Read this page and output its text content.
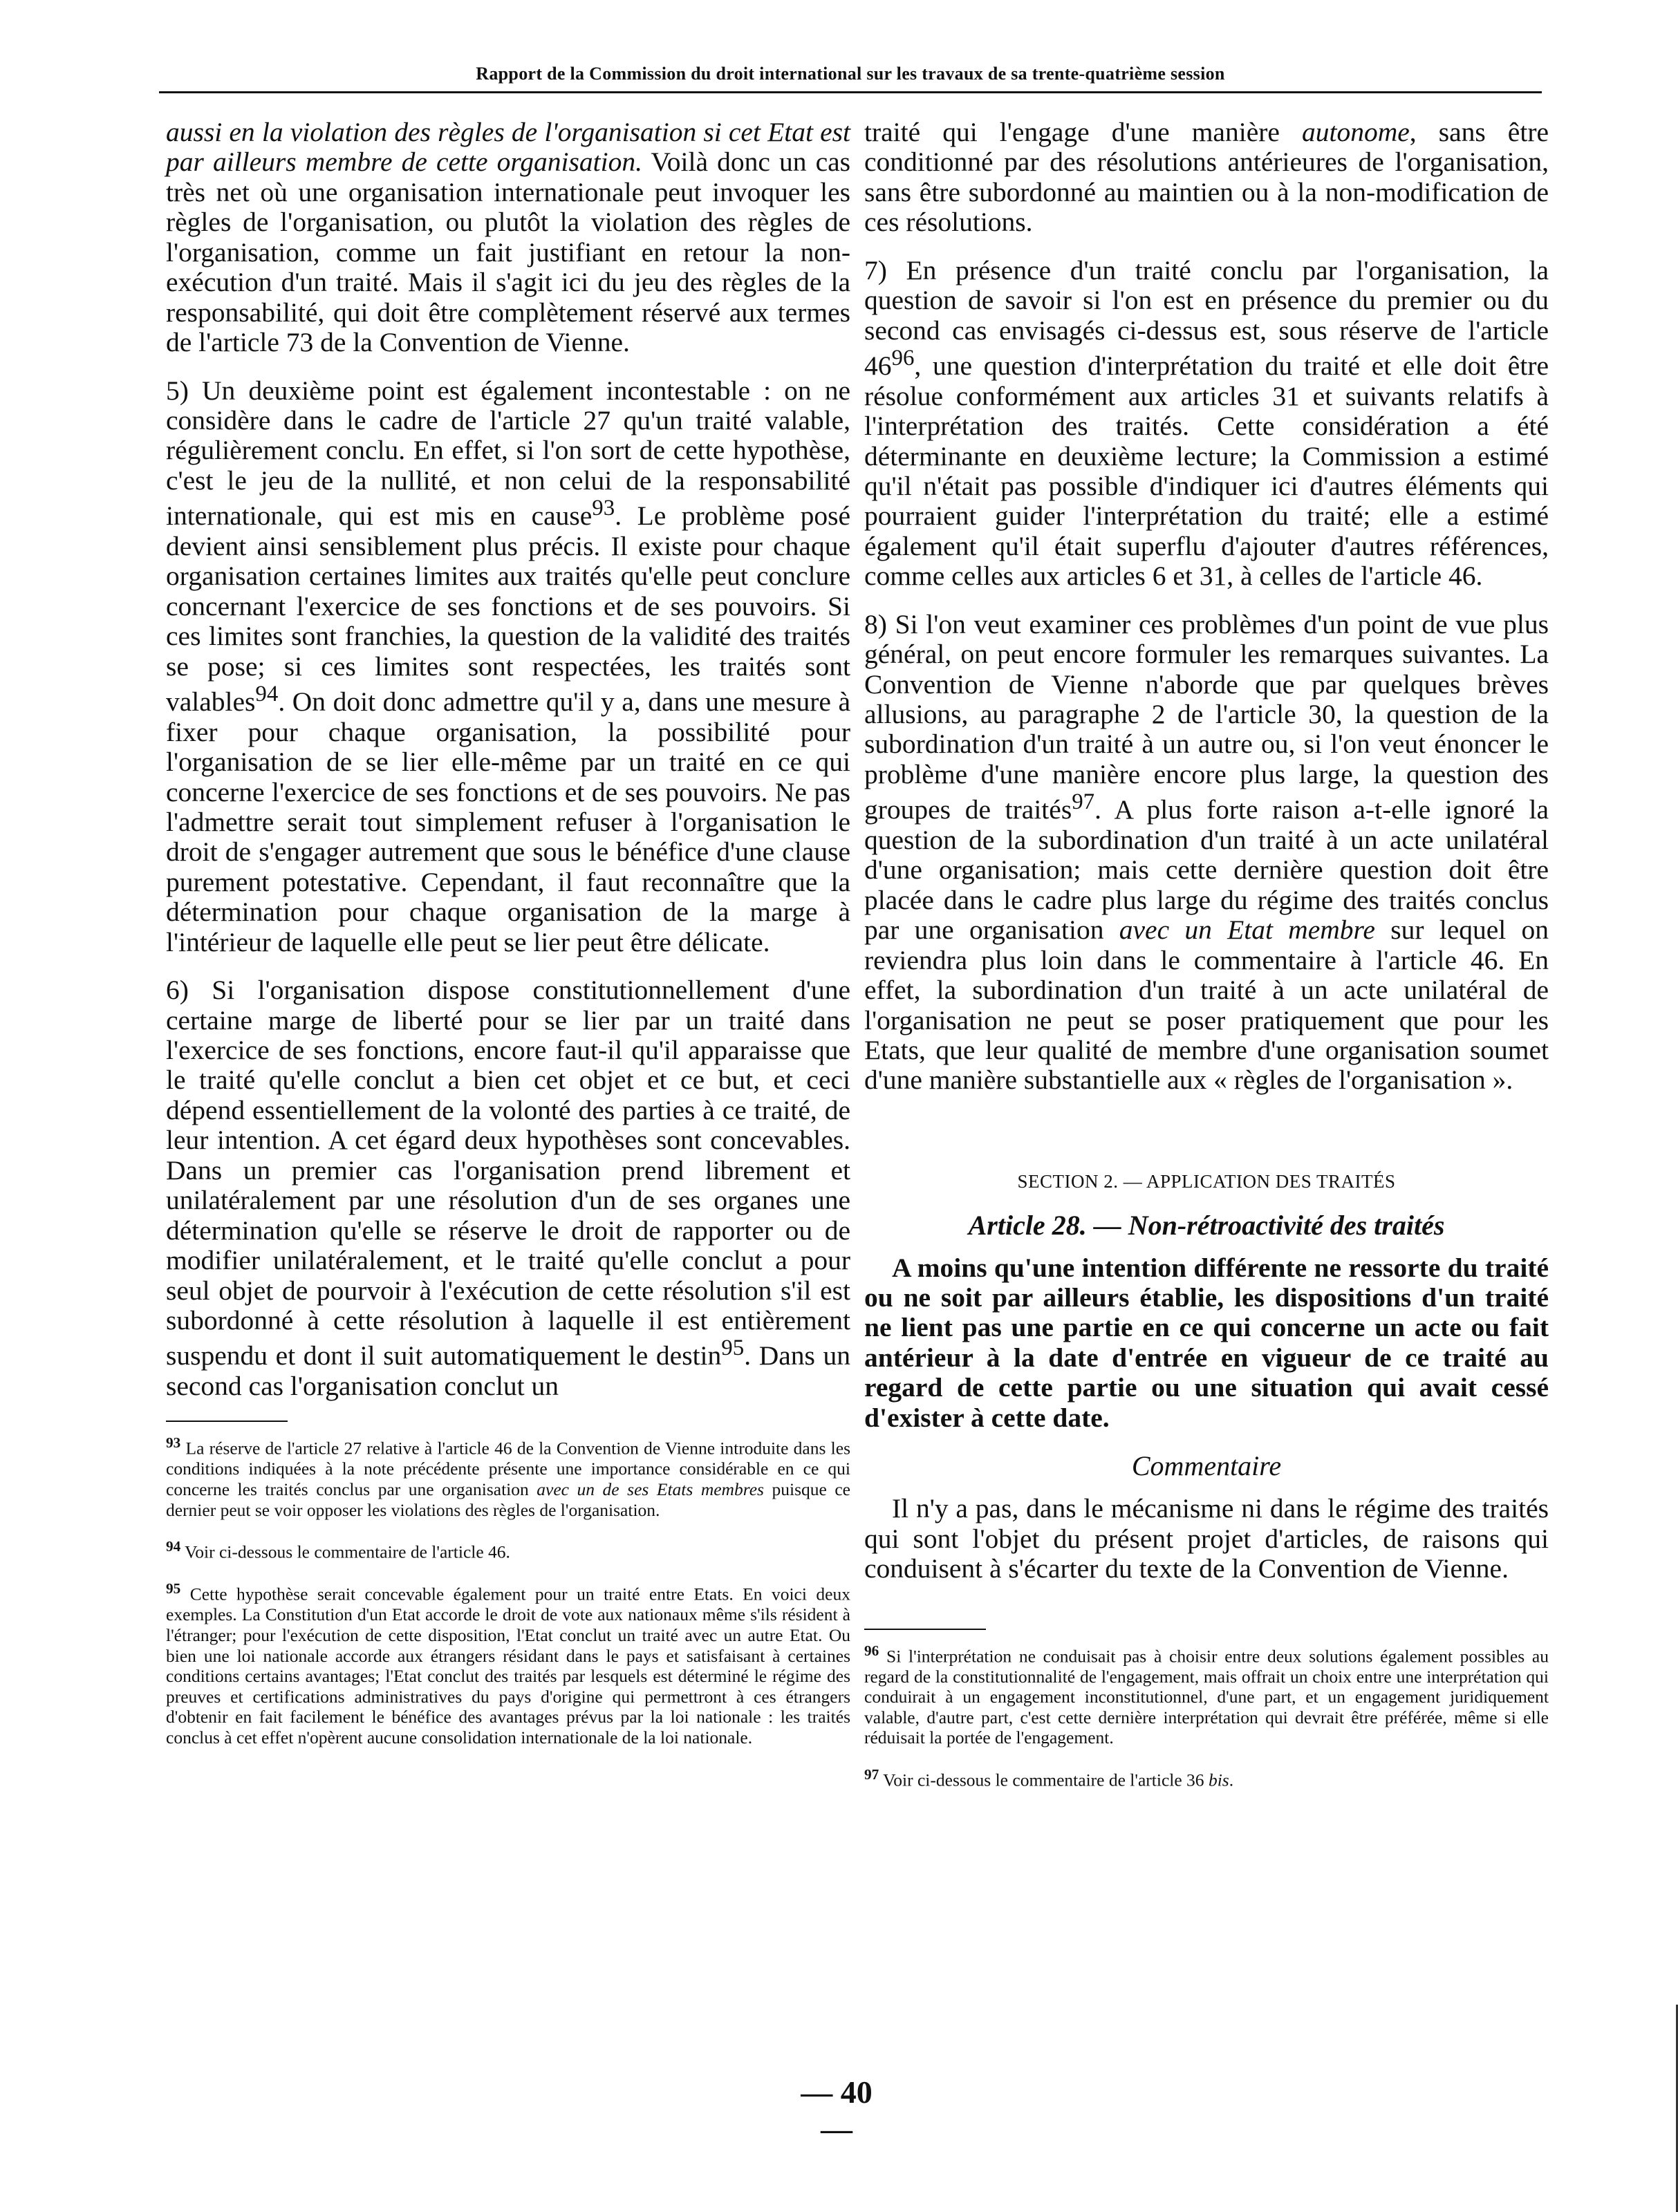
Rapport de la Commission du droit international sur les travaux de sa trente-quatrième session

aussi en la violation des règles de l'organisation si cet Etat est par ailleurs membre de cette organisation. Voilà donc un cas très net où une organisation internationale peut invoquer les règles de l'organisation, ou plutôt la violation des règles de l'organisation, comme un fait justifiant en retour la non-exécution d'un traité. Mais il s'agit ici du jeu des règles de la responsabilité, qui doit être complètement réservé aux termes de l'article 73 de la Convention de Vienne.

5) Un deuxième point est également incontestable : on ne considère dans le cadre de l'article 27 qu'un traité valable, régulièrement conclu. En effet, si l'on sort de cette hypothèse, c'est le jeu de la nullité, et non celui de la responsabilité internationale, qui est mis en cause$^{93}$. Le problème posé devient ainsi sensiblement plus précis. Il existe pour chaque organisation certaines limites aux traités qu'elle peut conclure concernant l'exercice de ses fonctions et de ses pouvoirs. Si ces limites sont franchies, la question de la validité des traités se pose; si ces limites sont respectées, les traités sont valables$^{94}$. On doit donc admettre qu'il y a, dans une mesure à fixer pour chaque organisation, la possibilité pour l'organisation de se lier elle-même par un traité en ce qui concerne l'exercice de ses fonctions et de ses pouvoirs. Ne pas l'admettre serait tout simplement refuser à l'organisation le droit de s'engager autrement que sous le bénéfice d'une clause purement potestative. Cependant, il faut reconnaître que la détermination pour chaque organisation de la marge à l'intérieur de laquelle elle peut se lier peut être délicate.

6) Si l'organisation dispose constitutionnellement d'une certaine marge de liberté pour se lier par un traité dans l'exercice de ses fonctions, encore faut-il qu'il apparaisse que le traité qu'elle conclut a bien cet objet et ce but, et ceci dépend essentiellement de la volonté des parties à ce traité, de leur intention. A cet égard deux hypothèses sont concevables. Dans un premier cas l'organisation prend librement et unilatéralement par une résolution d'un de ses organes une détermination qu'elle se réserve le droit de rapporter ou de modifier unilatéralement, et le traité qu'elle conclut a pour seul objet de pourvoir à l'exécution de cette résolution s'il est subordonné à cette résolution à laquelle il est entièrement suspendu et dont il suit automatiquement le destin$^{95}$. Dans un second cas l'organisation conclut un

$^{93}$ La réserve de l'article 27 relative à l'article 46 de la Convention de Vienne introduite dans les conditions indiquées à la note précédente présente une importance considérable en ce qui concerne les traités conclus par une organisation avec un de ses Etats membres puisque ce dernier peut se voir opposer les violations des règles de l'organisation.

$^{94}$ Voir ci-dessous le commentaire de l'article 46.

$^{95}$ Cette hypothèse serait concevable également pour un traité entre Etats. En voici deux exemples. La Constitution d'un Etat accorde le droit de vote aux nationaux même s'ils résident à l'étranger; pour l'exécution de cette disposition, l'Etat conclut un traité avec un autre Etat. Ou bien une loi nationale accorde aux étrangers résidant dans le pays et satisfaisant à certaines conditions certains avantages; l'Etat conclut des traités par lesquels est déterminé le régime des preuves et certifications administratives du pays d'origine qui permettront à ces étrangers d'obtenir en fait facilement le bénéfice des avantages prévus par la loi nationale : les traités conclus à cet effet n'opèrent aucune consolidation internationale de la loi nationale.

traité qui l'engage d'une manière autonome, sans être conditionné par des résolutions antérieures de l'organisation, sans être subordonné au maintien ou à la non-modification de ces résolutions.

7) En présence d'un traité conclu par l'organisation, la question de savoir si l'on est en présence du premier ou du second cas envisagés ci-dessus est, sous réserve de l'article $46^{96}$, une question d'interprétation du traité et elle doit être résolue conformément aux articles 31 et suivants relatifs à l'interprétation des traités. Cette considération a été déterminante en deuxième lecture; la Commission a estimé qu'il n'était pas possible d'indiquer ici d'autres éléments qui pourraient guider l'interprétation du traité; elle a estimé également qu'il était superflu d'ajouter d'autres références, comme celles aux articles 6 et 31, à celles de l'article 46.

8) Si l'on veut examiner ces problèmes d'un point de vue plus général, on peut encore formuler les remarques suivantes. La Convention de Vienne n'aborde que par quelques brèves allusions, au paragraphe 2 de l'article 30, la question de la subordination d'un traité à un autre ou, si l'on veut énoncer le problème d'une manière encore plus large, la question des groupes de traités$^{97}$. A plus forte raison a-t-elle ignoré la question de la subordination d'un traité à un acte unilatéral d'une organisation; mais cette dernière question doit être placée dans le cadre plus large du régime des traités conclus par une organisation avec un Etat membre sur lequel on reviendra plus loin dans le commentaire à l'article 46. En effet, la subordination d'un traité à un acte unilatéral de l'organisation ne peut se poser pratiquement que pour les Etats, que leur qualité de membre d'une organisation soumet d'une manière substantielle aux « règles de l'organisation ».

SECTION 2. — APPLICATION DES TRAITÉS
Article 28. — Non-rétroactivité des traités

A moins qu'une intention différente ne ressorte du traité ou ne soit par ailleurs établie, les dispositions d'un traité ne lient pas une partie en ce qui concerne un acte ou fait antérieur à la date d'entrée en vigueur de ce traité au regard de cette partie ou une situation qui avait cessé d'exister à cette date.

Commentaire

Il n'y a pas, dans le mécanisme ni dans le régime des traités qui sont l'objet du présent projet d'articles, de raisons qui conduisent à s'écarter du texte de la Convention de Vienne.

$^{96}$ Si l'interprétation ne conduisait pas à choisir entre deux solutions également possibles au regard de la constitutionnalité de l'engagement, mais offrait un choix entre une interprétation qui conduirait à un engagement inconstitutionnel, d'une part, et un engagement juridiquement valable, d'autre part, c'est cette dernière interprétation qui devrait être préférée, même si elle réduisait la portée de l'engagement.

$^{97}$ Voir ci-dessous le commentaire de l'article 36 bis.

— 40 —
